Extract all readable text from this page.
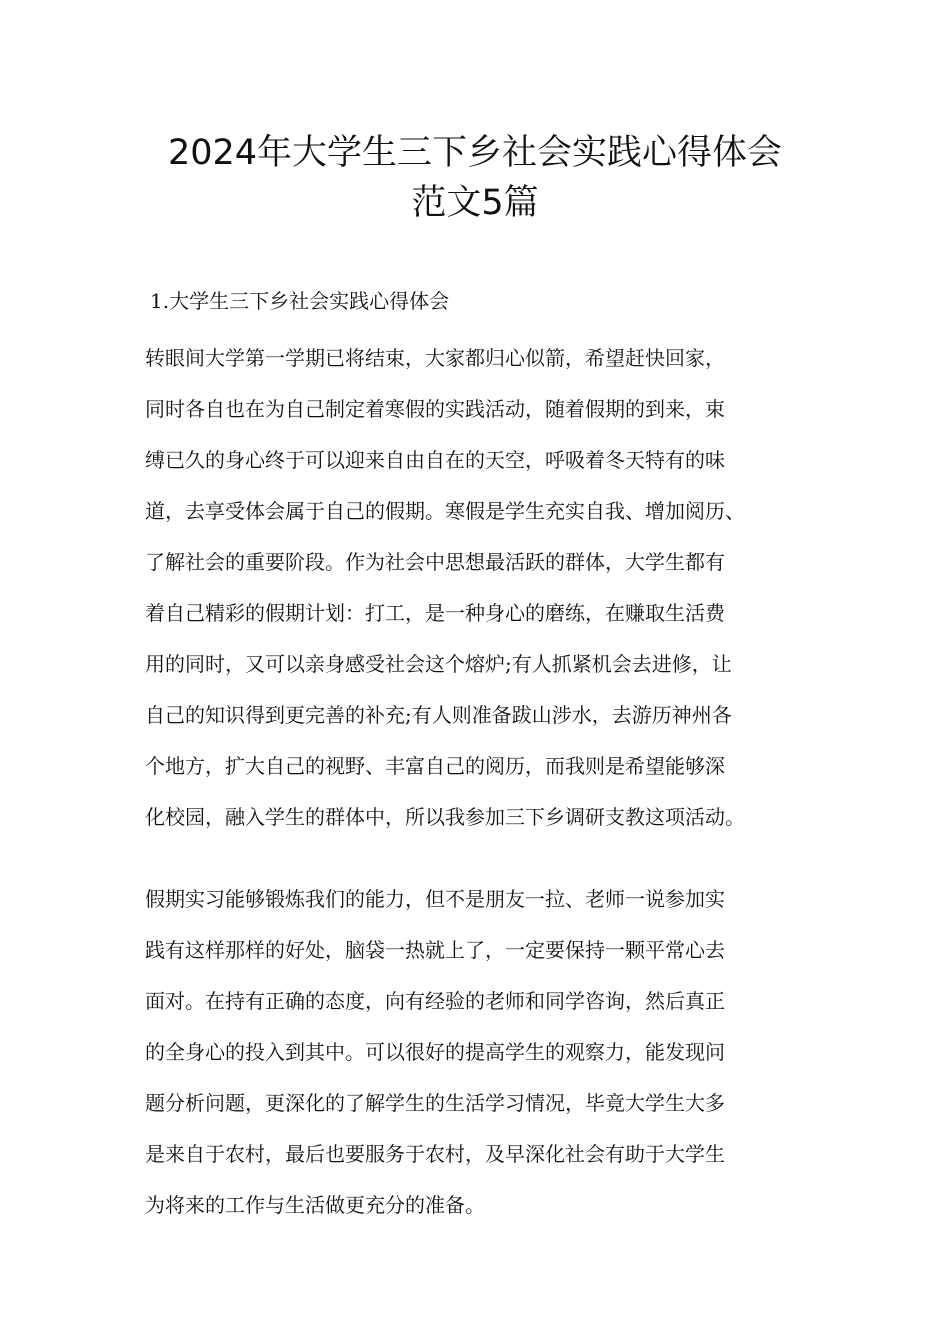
2024年大学生三下乡社会实践心得体会
范文5篇

1.大学生三下乡社会实践心得体会

转眼间大学第一学期已将结束，大家都归心似箭，希望赶快回家，
同时各自也在为自己制定着寒假的实践活动，随着假期的到来，束
缚已久的身心终于可以迎来自由自在的天空，呼吸着冬天特有的味
道，去享受体会属于自己的假期。寒假是学生充实自我、增加阅历、
了解社会的重要阶段。作为社会中思想最活跃的群体，大学生都有
着自己精彩的假期计划：打工，是一种身心的磨练，在赚取生活费
用的同时，又可以亲身感受社会这个熔炉;有人抓紧机会去进修，让
自己的知识得到更完善的补充;有人则准备跋山涉水，去游历神州各
个地方，扩大自己的视野、丰富自己的阅历，而我则是希望能够深
化校园，融入学生的群体中，所以我参加三下乡调研支教这项活动。

假期实习能够锻炼我们的能力，但不是朋友一拉、老师一说参加实
践有这样那样的好处，脑袋一热就上了，一定要保持一颗平常心去
面对。在持有正确的态度，向有经验的老师和同学咨询，然后真正
的全身心的投入到其中。可以很好的提高学生的观察力，能发现问
题分析问题，更深化的了解学生的生活学习情况，毕竟大学生大多
是来自于农村，最后也要服务于农村，及早深化社会有助于大学生
为将来的工作与生活做更充分的准备。
